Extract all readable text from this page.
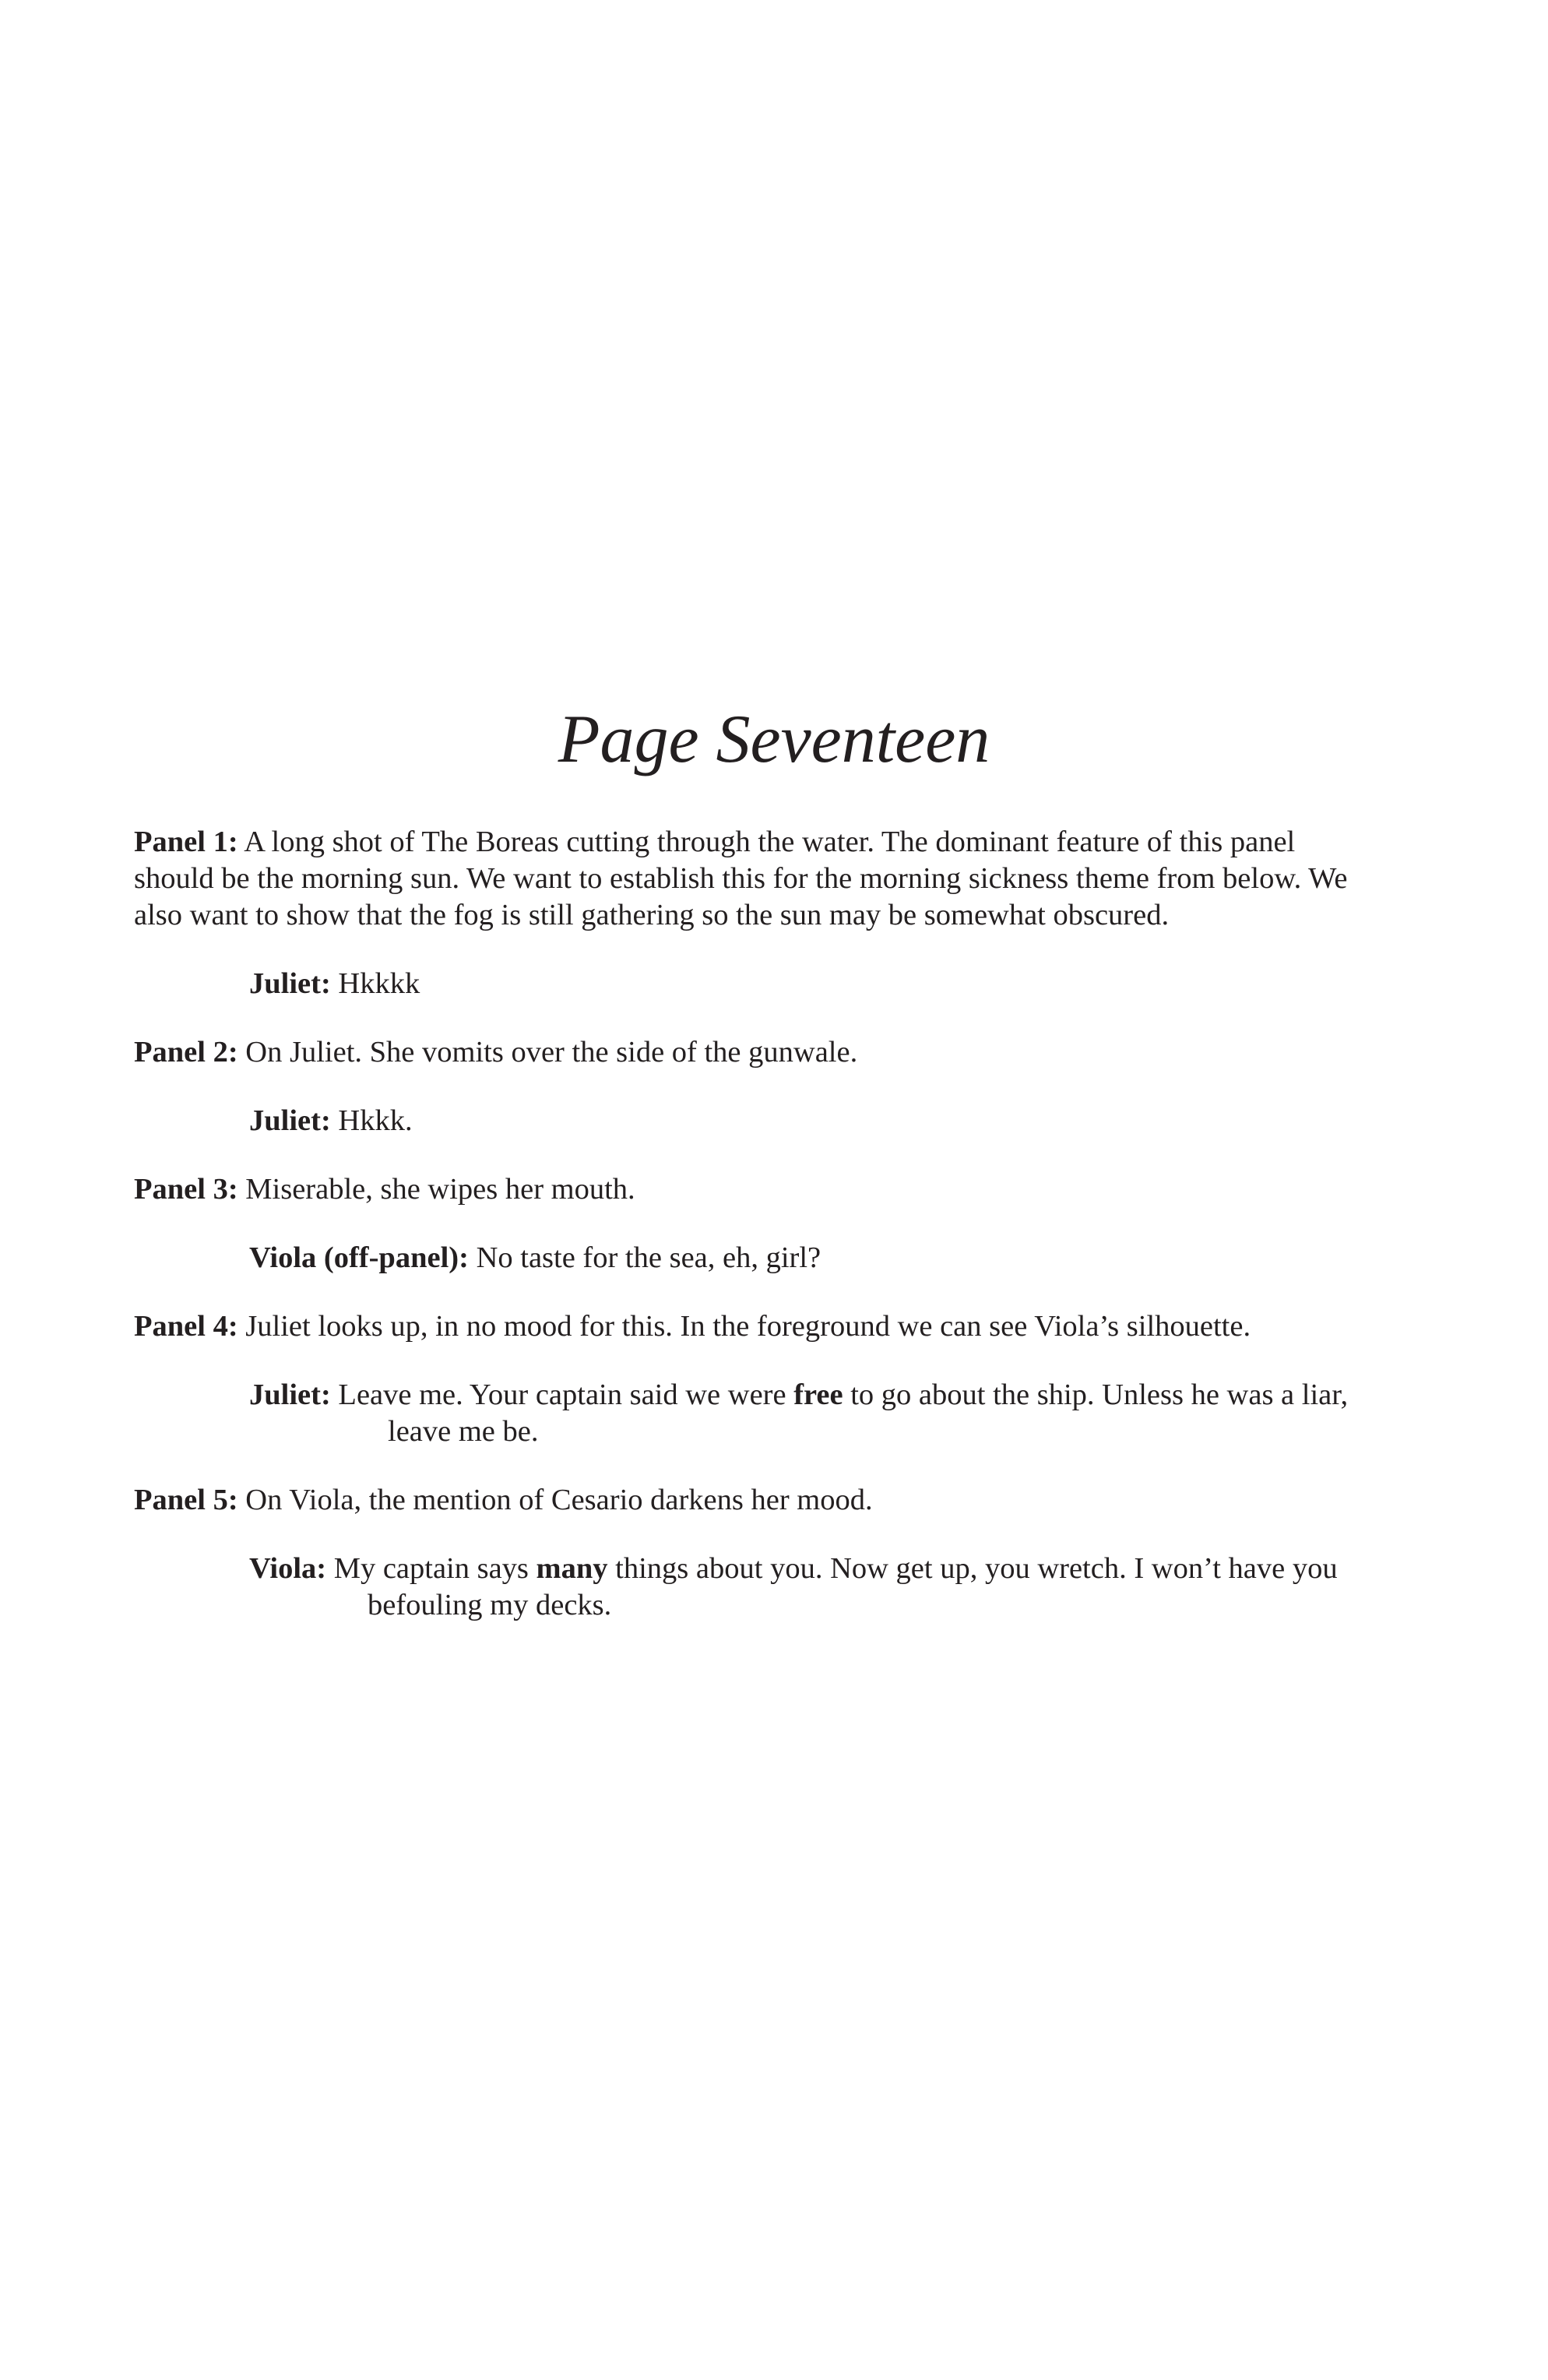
Page Seventeen

Panel 1: A long shot of The Boreas cutting through the water. The dominant feature of this panel should be the morning sun. We want to establish this for the morning sickness theme from below. We also want to show that the fog is still gathering so the sun may be somewhat obscured.

Juliet: Hkkkk

Panel 2: On Juliet. She vomits over the side of the gunwale.

Juliet: Hkkk.

Panel 3: Miserable, she wipes her mouth.

Viola (off-panel): No taste for the sea, eh, girl?

Panel 4: Juliet looks up, in no mood for this. In the foreground we can see Viola’s silhouette.

Juliet: Leave me. Your captain said we were free to go about the ship. Unless he was a liar, leave me be.

Panel 5: On Viola, the mention of Cesario darkens her mood.

Viola: My captain says many things about you. Now get up, you wretch. I won’t have you befouling my decks.
